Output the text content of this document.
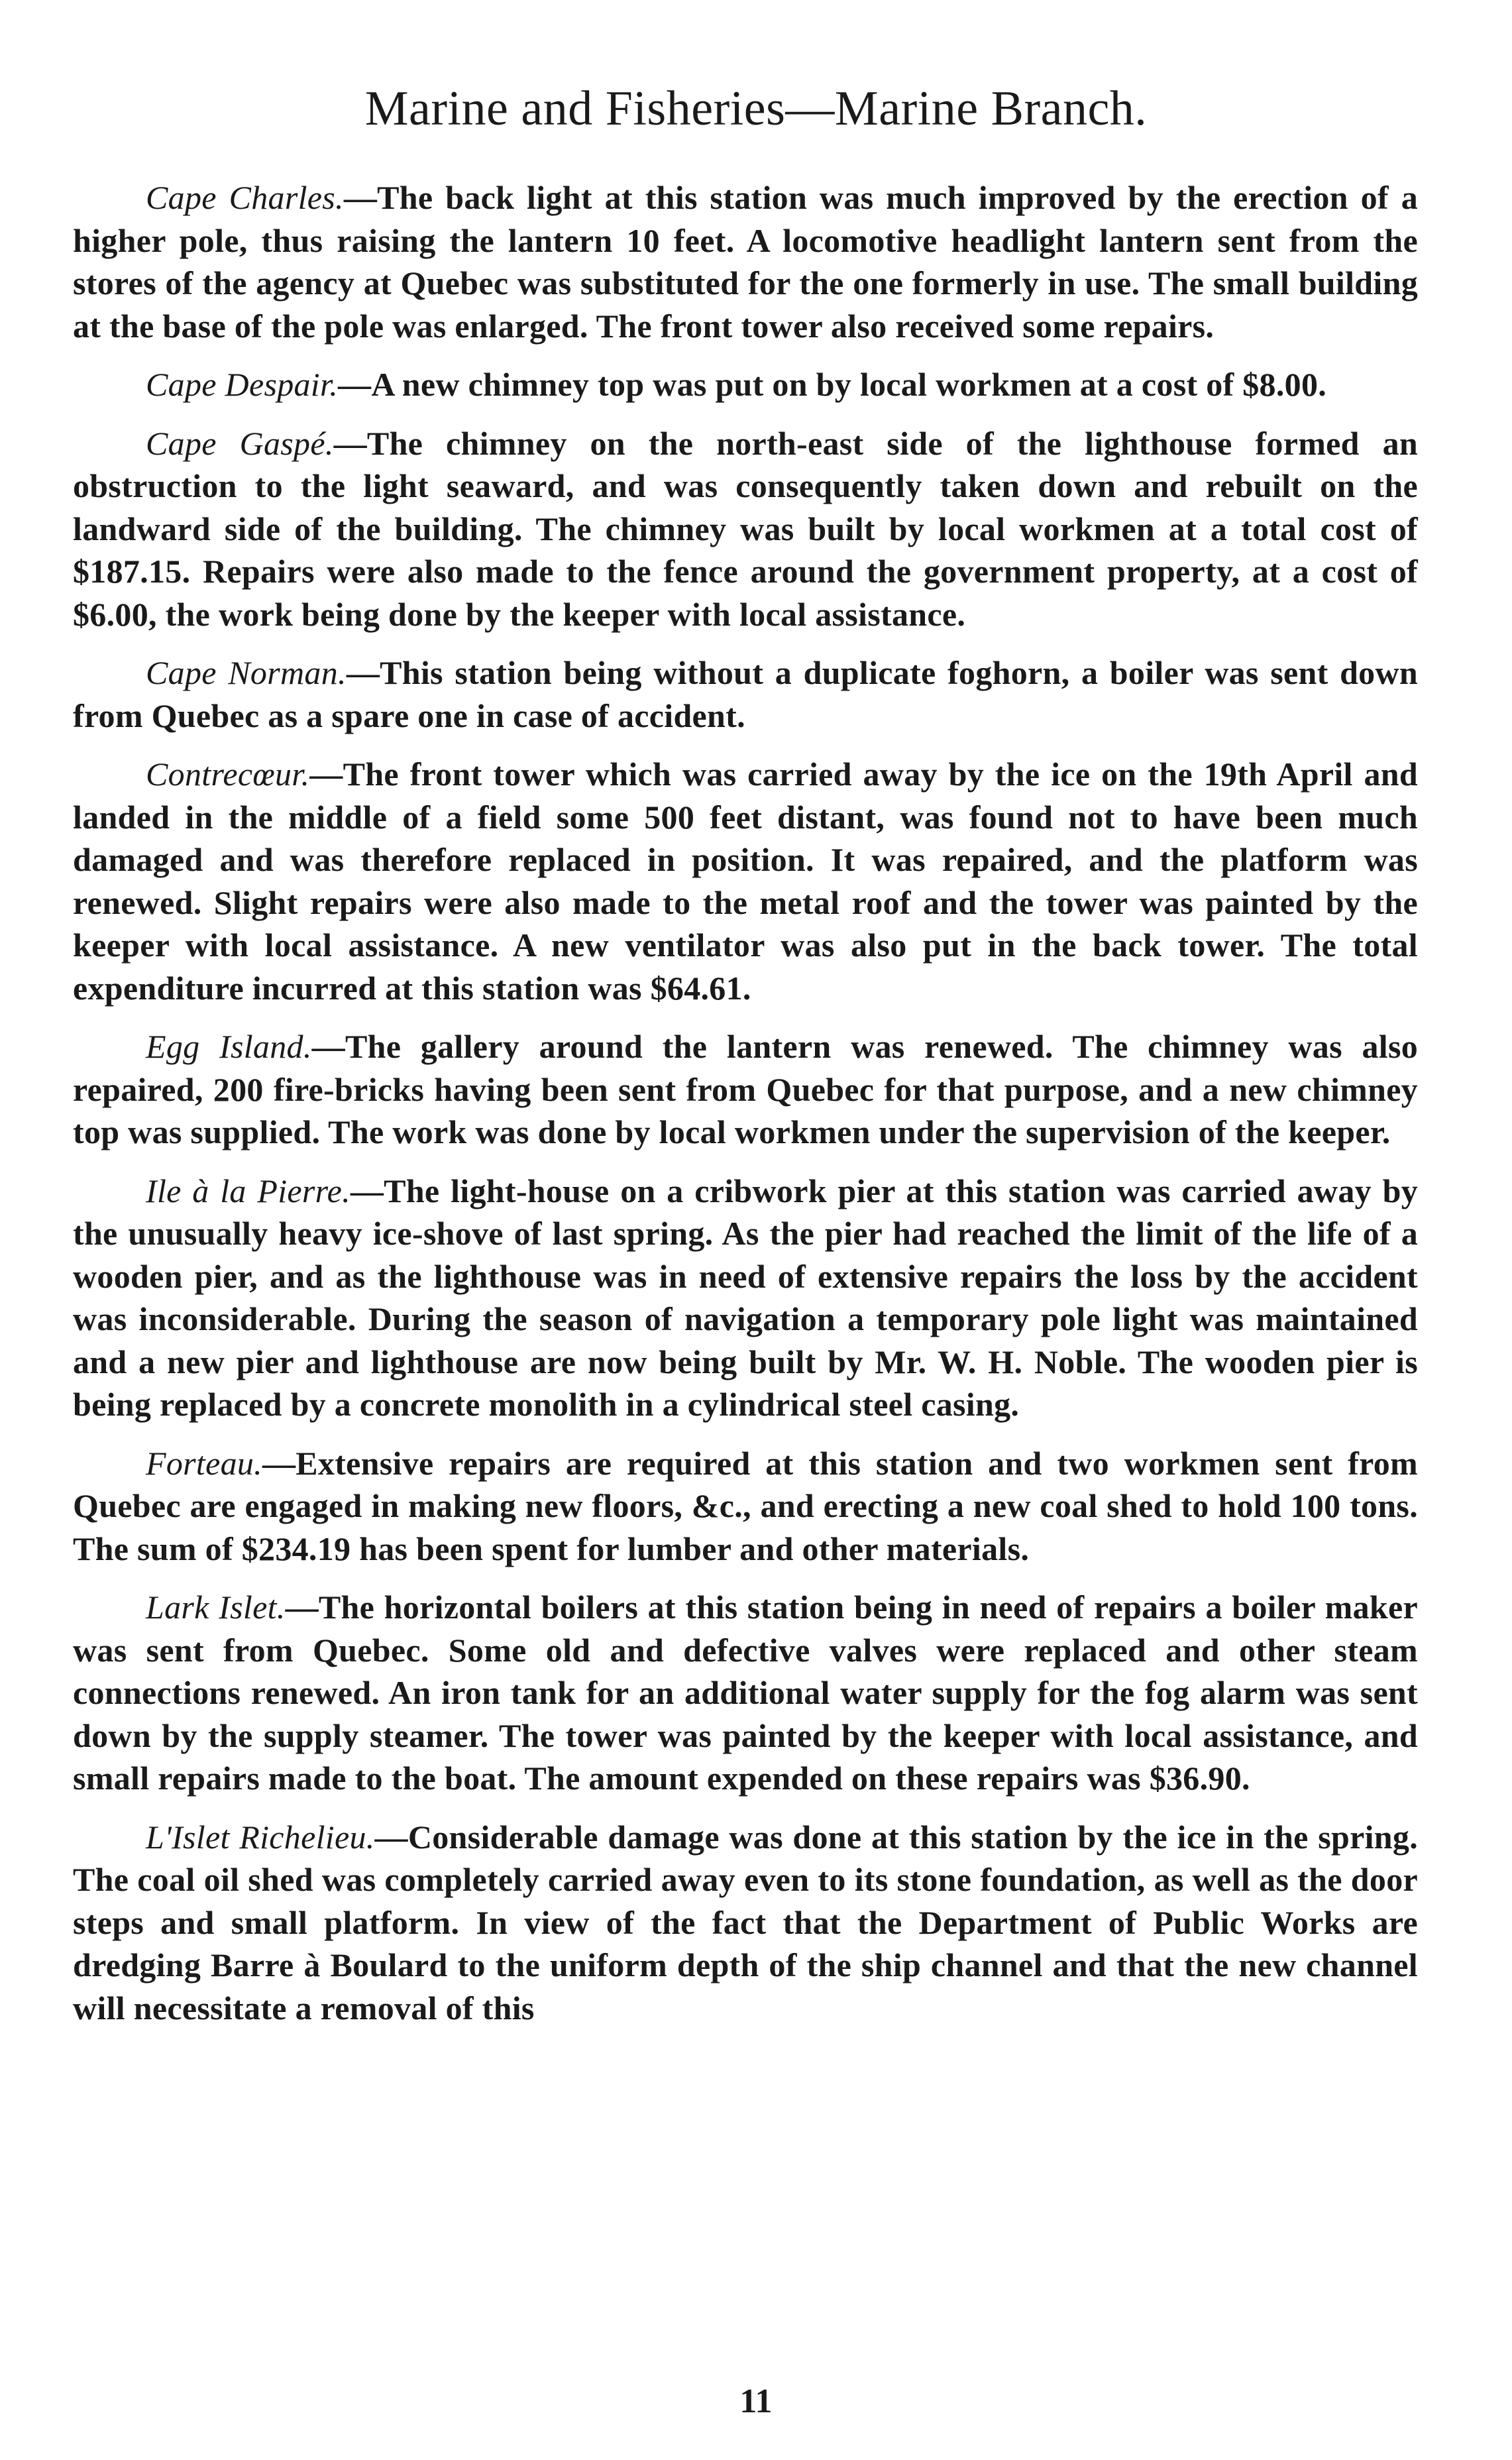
Marine and Fisheries—Marine Branch.

Cape Charles.—The back light at this station was much improved by the erection of a higher pole, thus raising the lantern 10 feet. A locomotive headlight lantern sent from the stores of the agency at Quebec was substituted for the one formerly in use. The small building at the base of the pole was enlarged. The front tower also received some repairs.

Cape Despair.—A new chimney top was put on by local workmen at a cost of $8.00.

Cape Gaspé.—The chimney on the north-east side of the lighthouse formed an obstruction to the light seaward, and was consequently taken down and rebuilt on the landward side of the building. The chimney was built by local workmen at a total cost of $187.15. Repairs were also made to the fence around the government property, at a cost of $6.00, the work being done by the keeper with local assistance.

Cape Norman.—This station being without a duplicate foghorn, a boiler was sent down from Quebec as a spare one in case of accident.

Contrecœur.—The front tower which was carried away by the ice on the 19th April and landed in the middle of a field some 500 feet distant, was found not to have been much damaged and was therefore replaced in position. It was repaired, and the platform was renewed. Slight repairs were also made to the metal roof and the tower was painted by the keeper with local assistance. A new ventilator was also put in the back tower. The total expenditure incurred at this station was $64.61.

Egg Island.—The gallery around the lantern was renewed. The chimney was also repaired, 200 fire-bricks having been sent from Quebec for that purpose, and a new chimney top was supplied. The work was done by local workmen under the supervision of the keeper.

Ile à la Pierre.—The light-house on a cribwork pier at this station was carried away by the unusually heavy ice-shove of last spring. As the pier had reached the limit of the life of a wooden pier, and as the lighthouse was in need of extensive repairs the loss by the accident was inconsiderable. During the season of navigation a temporary pole light was maintained and a new pier and lighthouse are now being built by Mr. W. H. Noble. The wooden pier is being replaced by a concrete monolith in a cylindrical steel casing.

Forteau.—Extensive repairs are required at this station and two workmen sent from Quebec are engaged in making new floors, &c., and erecting a new coal shed to hold 100 tons. The sum of $234.19 has been spent for lumber and other materials.

Lark Islet.—The horizontal boilers at this station being in need of repairs a boiler maker was sent from Quebec. Some old and defective valves were replaced and other steam connections renewed. An iron tank for an additional water supply for the fog alarm was sent down by the supply steamer. The tower was painted by the keeper with local assistance, and small repairs made to the boat. The amount expended on these repairs was $36.90.

L'Islet Richelieu.—Considerable damage was done at this station by the ice in the spring. The coal oil shed was completely carried away even to its stone foundation, as well as the door steps and small platform. In view of the fact that the Department of Public Works are dredging Barre à Boulard to the uniform depth of the ship channel and that the new channel will necessitate a removal of this

11
